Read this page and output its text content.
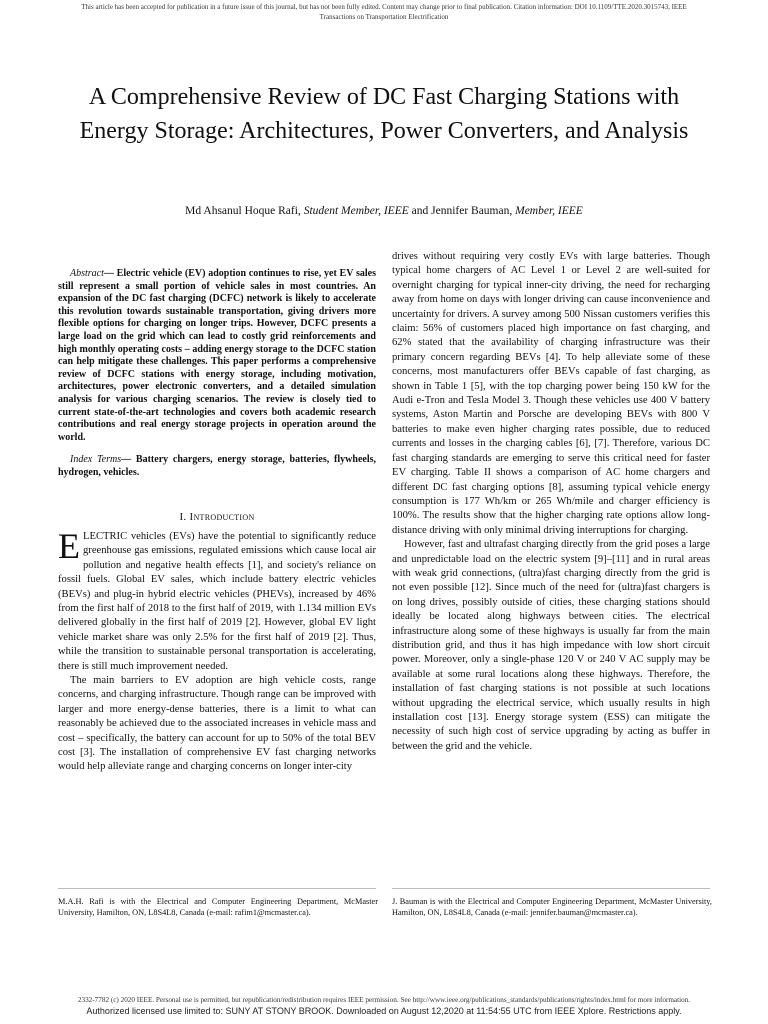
This article has been accepted for publication in a future issue of this journal, but has not been fully edited. Content may change prior to final publication. Citation information: DOI 10.1109/TTE.2020.3015743, IEEE
Transactions on Transportation Electrification
A Comprehensive Review of DC Fast Charging Stations with Energy Storage: Architectures, Power Converters, and Analysis
Md Ahsanul Hoque Rafi, Student Member, IEEE and Jennifer Bauman, Member, IEEE

Abstract— Electric vehicle (EV) adoption continues to rise, yet EV sales still represent a small portion of vehicle sales in most countries. An expansion of the DC fast charging (DCFC) network is likely to accelerate this revolution towards sustainable transportation, giving drivers more flexible options for charging on longer trips. However, DCFC presents a large load on the grid which can lead to costly grid reinforcements and high monthly operating costs – adding energy storage to the DCFC station can help mitigate these challenges. This paper performs a comprehensive review of DCFC stations with energy storage, including motivation, architectures, power electronic converters, and a detailed simulation analysis for various charging scenarios. The review is closely tied to current state-of-the-art technologies and covers both academic research contributions and real energy storage projects in operation around the world.

Index Terms— Battery chargers, energy storage, batteries, flywheels, hydrogen, vehicles.

I. Introduction

ELECTRIC vehicles (EVs) have the potential to significantly reduce greenhouse gas emissions, regulated emissions which cause local air pollution and negative health effects [1], and society's reliance on fossil fuels. Global EV sales, which include battery electric vehicles (BEVs) and plug-in hybrid electric vehicles (PHEVs), increased by 46% from the first half of 2018 to the first half of 2019, with 1.134 million EVs delivered globally in the first half of 2019 [2]. However, global EV light vehicle market share was only 2.5% for the first half of 2019 [2]. Thus, while the transition to sustainable personal transportation is accelerating, there is still much improvement needed.

The main barriers to EV adoption are high vehicle costs, range concerns, and charging infrastructure. Though range can be improved with larger and more energy-dense batteries, there is a limit to what can reasonably be achieved due to the associated increases in vehicle mass and cost – specifically, the battery can account for up to 50% of the total BEV cost [3]. The installation of comprehensive EV fast charging networks would help alleviate range and charging concerns on longer inter-city

drives without requiring very costly EVs with large batteries. Though typical home chargers of AC Level 1 or Level 2 are well-suited for overnight charging for typical inner-city driving, the need for recharging away from home on days with longer driving can cause inconvenience and uncertainty for drivers. A survey among 500 Nissan customers verifies this claim: 56% of customers placed high importance on fast charging, and 62% stated that the availability of charging infrastructure was their primary concern regarding BEVs [4]. To help alleviate some of these concerns, most manufacturers offer BEVs capable of fast charging, as shown in Table 1 [5], with the top charging power being 150 kW for the Audi e-Tron and Tesla Model 3. Though these vehicles use 400 V battery systems, Aston Martin and Porsche are developing BEVs with 800 V batteries to make even higher charging rates possible, due to reduced currents and losses in the charging cables [6], [7]. Therefore, various DC fast charging standards are emerging to serve this critical need for faster EV charging. Table II shows a comparison of AC home chargers and different DC fast charging options [8], assuming typical vehicle energy consumption is 177 Wh/km or 265 Wh/mile and charger efficiency is 100%. The results show that the higher charging rate options allow long-distance driving with only minimal driving interruptions for charging.

However, fast and ultrafast charging directly from the grid poses a large and unpredictable load on the electric system [9]–[11] and in rural areas with weak grid connections, (ultra)fast charging directly from the grid is not even possible [12]. Since much of the need for (ultra)fast chargers is on long drives, possibly outside of cities, these charging stations should ideally be located along highways between cities. The electrical infrastructure along some of these highways is usually far from the main distribution grid, and thus it has high impedance with low short circuit power. Moreover, only a single-phase 120 V or 240 V AC supply may be available at some rural locations along these highways. Therefore, the installation of fast charging stations is not possible at such locations without upgrading the electrical service, which usually results in high installation cost [13]. Energy storage system (ESS) can mitigate the necessity of such high cost of service upgrading by acting as buffer in between the grid and the vehicle.

M.A.H. Rafi is with the Electrical and Computer Engineering Department, McMaster University, Hamilton, ON, L8S4L8, Canada (e-mail: rafim1@mcmaster.ca).
J. Bauman is with the Electrical and Computer Engineering Department, McMaster University, Hamilton, ON, L8S4L8, Canada (e-mail: jennifer.bauman@mcmaster.ca).
2332-7782 (c) 2020 IEEE. Personal use is permitted, but republication/redistribution requires IEEE permission. See http://www.ieee.org/publications_standards/publications/rights/index.html for more information.
Authorized licensed use limited to: SUNY AT STONY BROOK. Downloaded on August 12,2020 at 11:54:55 UTC from IEEE Xplore. Restrictions apply.
